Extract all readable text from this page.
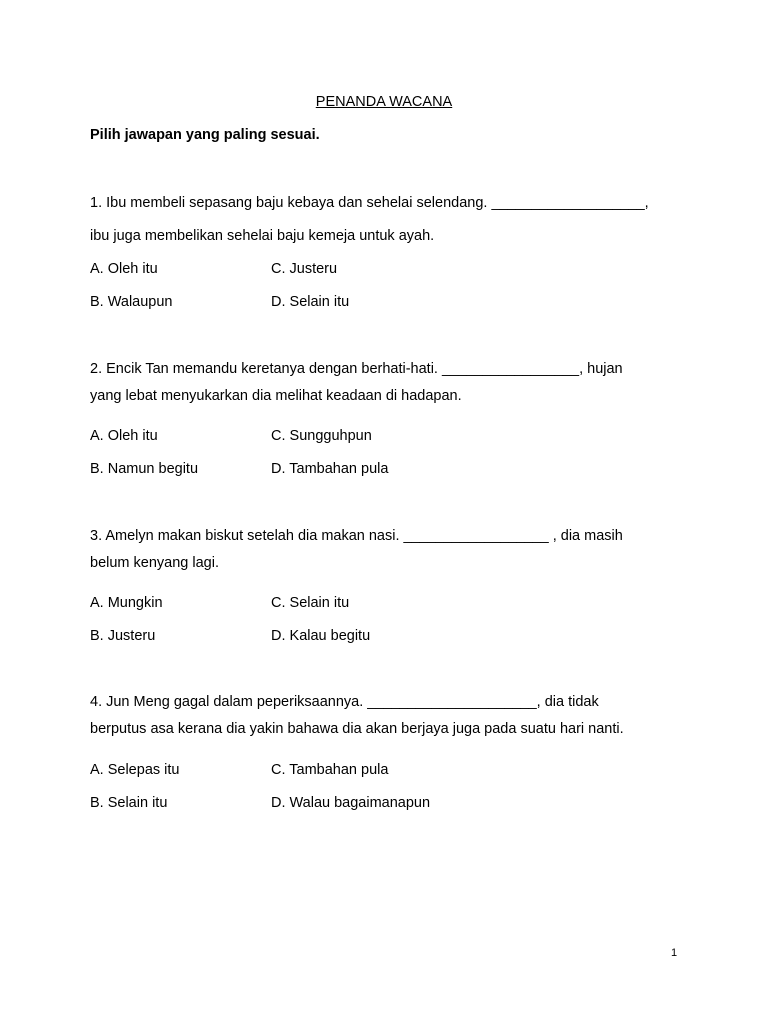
PENANDA WACANA
Pilih jawapan yang paling sesuai.
1. Ibu membeli sepasang baju kebaya dan sehelai selendang. ___________________,
ibu juga membelikan sehelai baju kemeja untuk ayah.
A. Oleh itu	C. Justeru
B. Walaupun	D. Selain itu
2. Encik Tan memandu keretanya dengan berhati-hati. _________________, hujan
yang lebat menyukarkan dia melihat keadaan di hadapan.
A. Oleh itu	C. Sungguhpun
B. Namun begitu	D. Tambahan pula
3. Amelyn makan biskut setelah dia makan nasi. __________________ , dia masih
belum kenyang lagi.
A. Mungkin	C. Selain itu
B. Justeru	D. Kalau begitu
4. Jun Meng gagal dalam peperiksaannya. _____________________, dia tidak
berputus asa kerana dia yakin bahawa dia akan berjaya juga pada suatu hari nanti.
A. Selepas itu	C. Tambahan pula
B. Selain itu	D. Walau bagaimanapun
1
